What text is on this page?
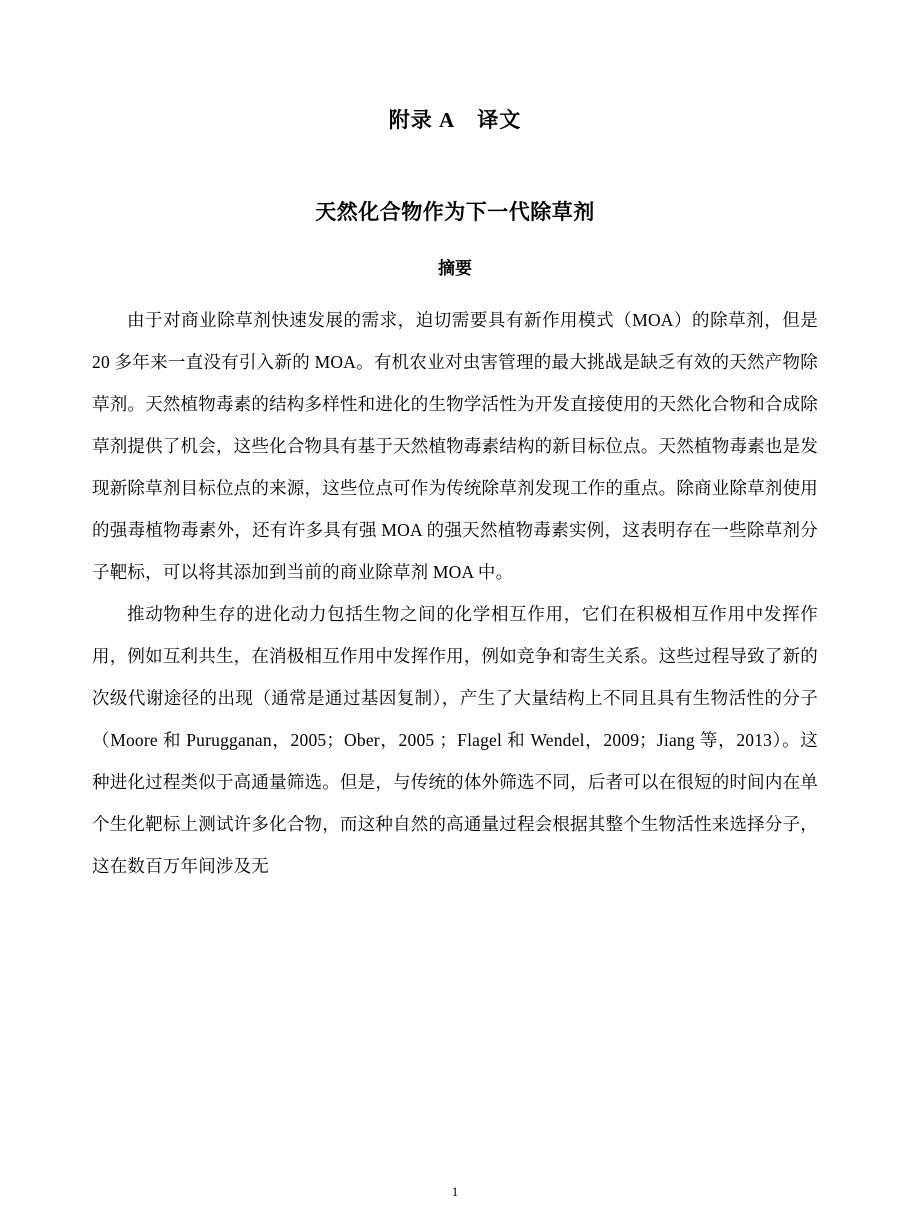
附录 A 译文
天然化合物作为下一代除草剂
摘要

由于对商业除草剂快速发展的需求，迫切需要具有新作用模式（MOA）的除草剂，但是 20 多年来一直没有引入新的 MOA。有机农业对虫害管理的最大挑战是缺乏有效的天然产物除草剂。天然植物毒素的结构多样性和进化的生物学活性为开发直接使用的天然化合物和合成除草剂提供了机会，这些化合物具有基于天然植物毒素结构的新目标位点。天然植物毒素也是发现新除草剂目标位点的来源，这些位点可作为传统除草剂发现工作的重点。除商业除草剂使用的强毒植物毒素外，还有许多具有强 MOA 的强天然植物毒素实例，这表明存在一些除草剂分子靶标，可以将其添加到当前的商业除草剂 MOA 中。

推动物种生存的进化动力包括生物之间的化学相互作用，它们在积极相互作用中发挥作用，例如互利共生，在消极相互作用中发挥作用，例如竞争和寄生关系。这些过程导致了新的次级代谢途径的出现（通常是通过基因复制），产生了大量结构上不同且具有生物活性的分子（Moore 和 Purugganan，2005；Ober，2005 ；Flagel 和 Wendel，2009；Jiang 等，2013）。这种进化过程类似于高通量筛选。但是，与传统的体外筛选不同，后者可以在很短的时间内在单个生化靶标上测试许多化合物，而这种自然的高通量过程会根据其整个生物活性来选择分子，这在数百万年间涉及无

1
